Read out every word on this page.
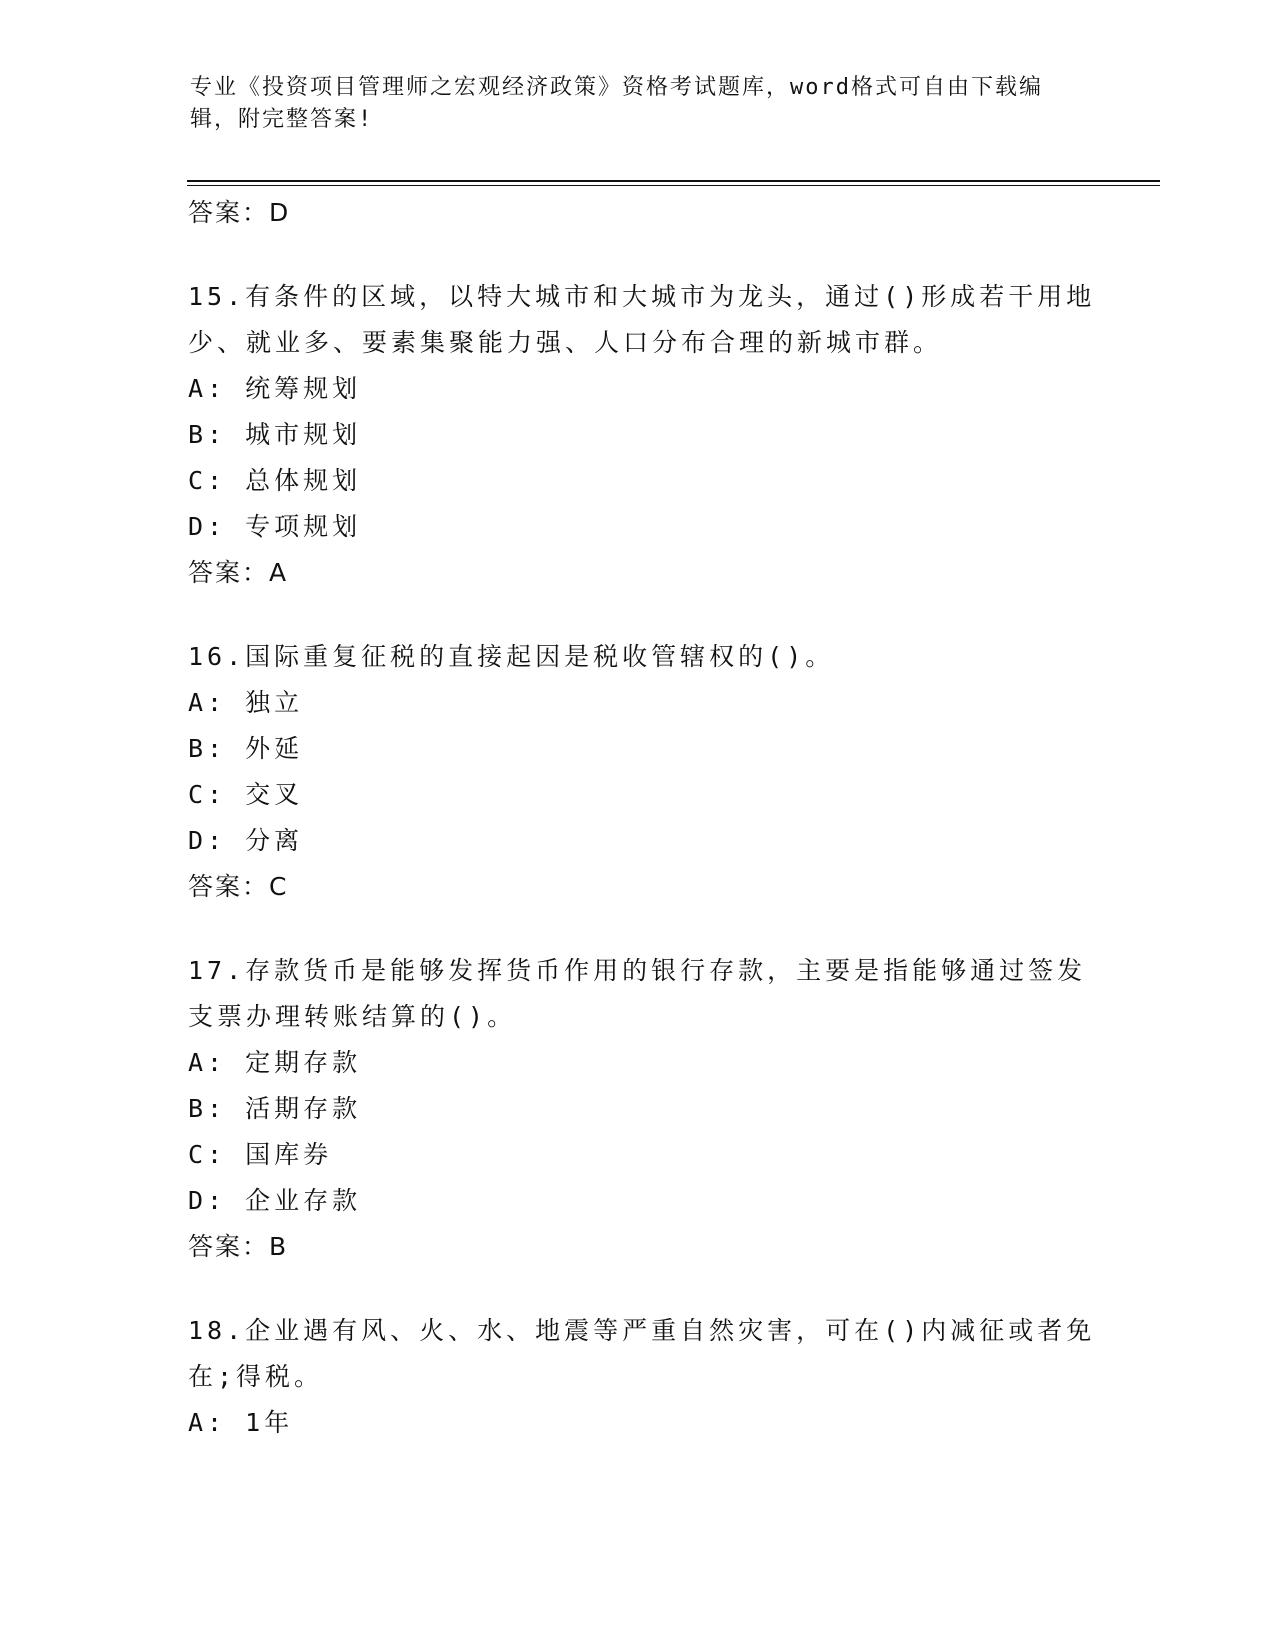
专业《投资项目管理师之宏观经济政策》资格考试题库，word格式可自由下载编辑，附完整答案!
答案：D
15.有条件的区域，以特大城市和大城市为龙头，通过()形成若干用地少、就业多、要素集聚能力强、人口分布合理的新城市群。
A: 统筹规划
B: 城市规划
C: 总体规划
D: 专项规划
答案：A
16.国际重复征税的直接起因是税收管辖权的()。
A: 独立
B: 外延
C: 交叉
D: 分离
答案：C
17.存款货币是能够发挥货币作用的银行存款，主要是指能够通过签发支票办理转账结算的()。
A: 定期存款
B: 活期存款
C: 国库券
D: 企业存款
答案：B
18.企业遇有风、火、水、地震等严重自然灾害，可在()内减征或者免在;得税。
A: 1年
